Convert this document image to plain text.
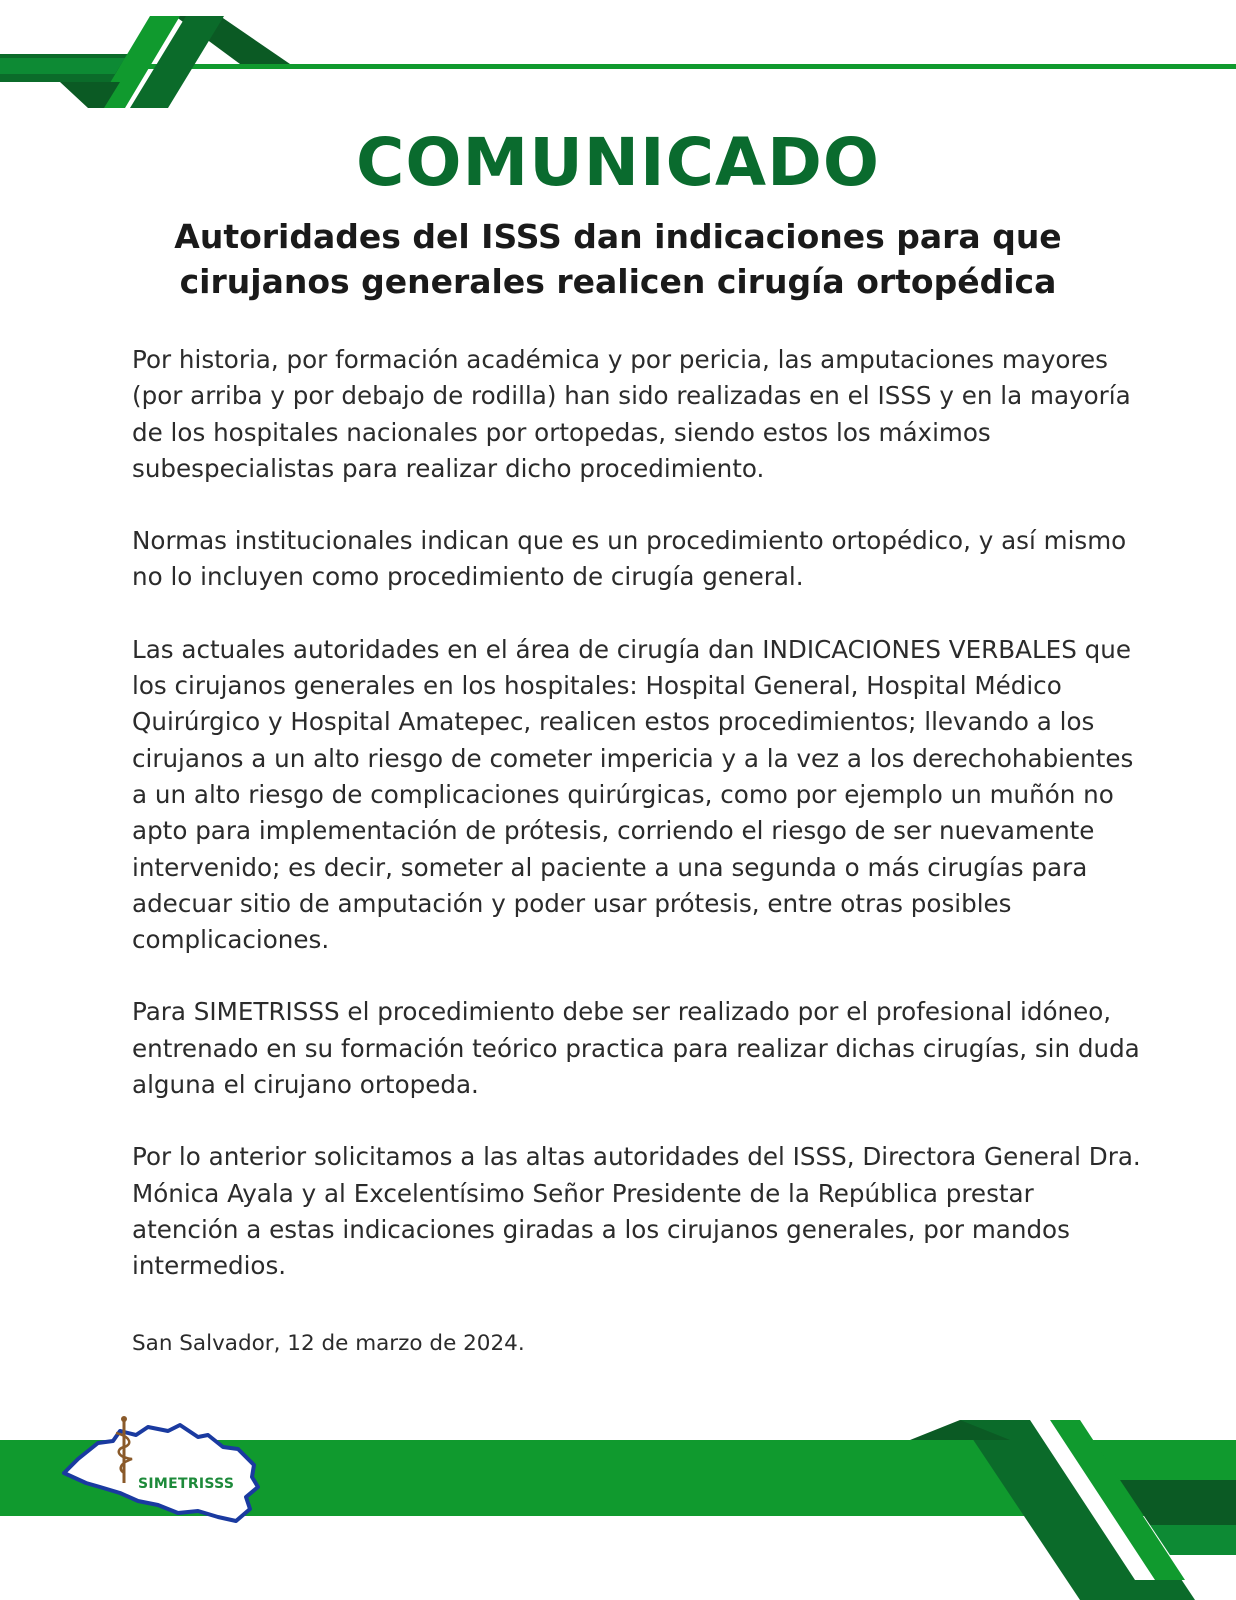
COMUNICADO
Autoridades del ISSS dan indicaciones para que cirujanos generales realicen cirugía ortopédica

Por historia, por formación académica y por pericia, las amputaciones mayores (por arriba y por debajo de rodilla) han sido realizadas en el ISSS y en la mayoría de los hospitales nacionales por ortopedas, siendo estos los máximos subespecialistas para realizar dicho procedimiento.

Normas institucionales indican que es un procedimiento ortopédico, y así mismo no lo incluyen como procedimiento de cirugía general.

Las actuales autoridades en el área de cirugía dan INDICACIONES VERBALES que los cirujanos generales en los hospitales: Hospital General, Hospital Médico Quirúrgico y Hospital Amatepec, realicen estos procedimientos; llevando a los cirujanos a un alto riesgo de cometer impericia y a la vez a los derechohabientes a un alto riesgo de complicaciones quirúrgicas, como por ejemplo un muñón no apto para implementación de prótesis, corriendo el riesgo de ser nuevamente intervenido; es decir, someter al paciente a una segunda o más cirugías para adecuar sitio de amputación y poder usar prótesis, entre otras posibles complicaciones.

Para SIMETRISSS el procedimiento debe ser realizado por el profesional idóneo, entrenado en su formación teórico practica para realizar dichas cirugías, sin duda alguna el cirujano ortopeda.

Por lo anterior solicitamos a las altas autoridades del ISSS, Directora General Dra. Mónica Ayala y al Excelentísimo Señor Presidente de la República prestar atención a estas indicaciones giradas a los cirujanos generales, por mandos intermedios.

San Salvador, 12 de marzo de 2024.

SIMETRISSS
